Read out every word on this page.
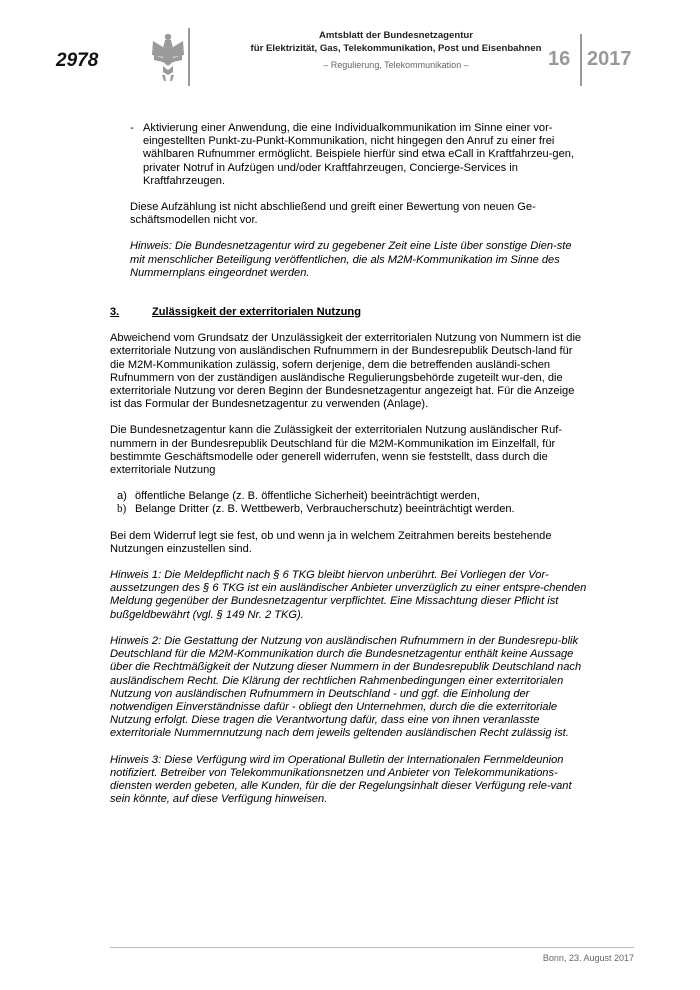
2978
Amtsblatt der Bundesnetzagentur
für Elektrizität, Gas, Telekommunikation, Post und Eisenbahnen
– Regulierung, Telekommunikation –	16 2017
- Aktivierung einer Anwendung, die eine Individualkommunikation im Sinne einer vor-eingestellten Punkt-zu-Punkt-Kommunikation, nicht hingegen den Anruf zu einer frei wählbaren Rufnummer ermöglicht. Beispiele hierfür sind etwa eCall in Kraftfahrzeu-gen, privater Notruf in Aufzügen und/oder Kraftfahrzeugen, Concierge-Services in Kraftfahrzeugen.

Diese Aufzählung ist nicht abschließend und greift einer Bewertung von neuen Ge-schäftsmodellen nicht vor.

Hinweis: Die Bundesnetzagentur wird zu gegebener Zeit eine Liste über sonstige Dien-ste mit menschlicher Beteiligung veröffentlichen, die als M2M-Kommunikation im Sinne des Nummernplans eingeordnet werden.

3.	Zulässigkeit der exterritorialen Nutzung

Abweichend vom Grundsatz der Unzulässigkeit der exterritorialen Nutzung von Nummern ist die exterritoriale Nutzung von ausländischen Rufnummern in der Bundesrepublik Deutsch-land für die M2M-Kommunikation zulässig, sofern derjenige, dem die betreffenden ausländi-schen Rufnummern von der zuständigen ausländische Regulierungsbehörde zugeteilt wur-den, die exterritoriale Nutzung vor deren Beginn der Bundesnetzagentur angezeigt hat. Für die Anzeige ist das Formular der Bundesnetzagentur zu verwenden (Anlage).

Die Bundesnetzagentur kann die Zulässigkeit der exterritorialen Nutzung ausländischer Ruf-nummern in der Bundesrepublik Deutschland für die M2M-Kommunikation im Einzelfall, für bestimmte Geschäftsmodelle oder generell widerrufen, wenn sie feststellt, dass durch die exterritoriale Nutzung

a) öffentliche Belange (z. B. öffentliche Sicherheit) beeinträchtigt werden,
b) Belange Dritter (z. B. Wettbewerb, Verbraucherschutz) beeinträchtigt werden.

Bei dem Widerruf legt sie fest, ob und wenn ja in welchem Zeitrahmen bereits bestehende Nutzungen einzustellen sind.

Hinweis 1: Die Meldepflicht nach § 6 TKG bleibt hiervon unberührt. Bei Vorliegen der Vor-aussetzungen des § 6 TKG ist ein ausländischer Anbieter unverzüglich zu einer entspre-chenden Meldung gegenüber der Bundesnetzagentur verpflichtet. Eine Missachtung dieser Pflicht ist bußgeldbewährt (vgl. § 149 Nr. 2 TKG).

Hinweis 2: Die Gestattung der Nutzung von ausländischen Rufnummern in der Bundesrepu-blik Deutschland für die M2M-Kommunikation durch die Bundesnetzagentur enthält keine Aussage über die Rechtmäßigkeit der Nutzung dieser Nummern in der Bundesrepublik Deutschland nach ausländischem Recht. Die Klärung der rechtlichen Rahmenbedingungen einer exterritorialen Nutzung von ausländischen Rufnummern in Deutschland - und ggf. die Einholung der notwendigen Einverständnisse dafür - obliegt den Unternehmen, durch die die exterritoriale Nutzung erfolgt. Diese tragen die Verantwortung dafür, dass eine von ihnen veranlasste exterritoriale Nummernnutzung nach dem jeweils geltenden ausländischen Recht zulässig ist.

Hinweis 3: Diese Verfügung wird im Operational Bulletin der Internationalen Fernmeldeunion notifiziert. Betreiber von Telekommunikationsnetzen und Anbieter von Telekommunikations-diensten werden gebeten, alle Kunden, für die der Regelungsinhalt dieser Verfügung rele-vant sein könnte, auf diese Verfügung hinweisen.

Bonn, 23. August 2017
